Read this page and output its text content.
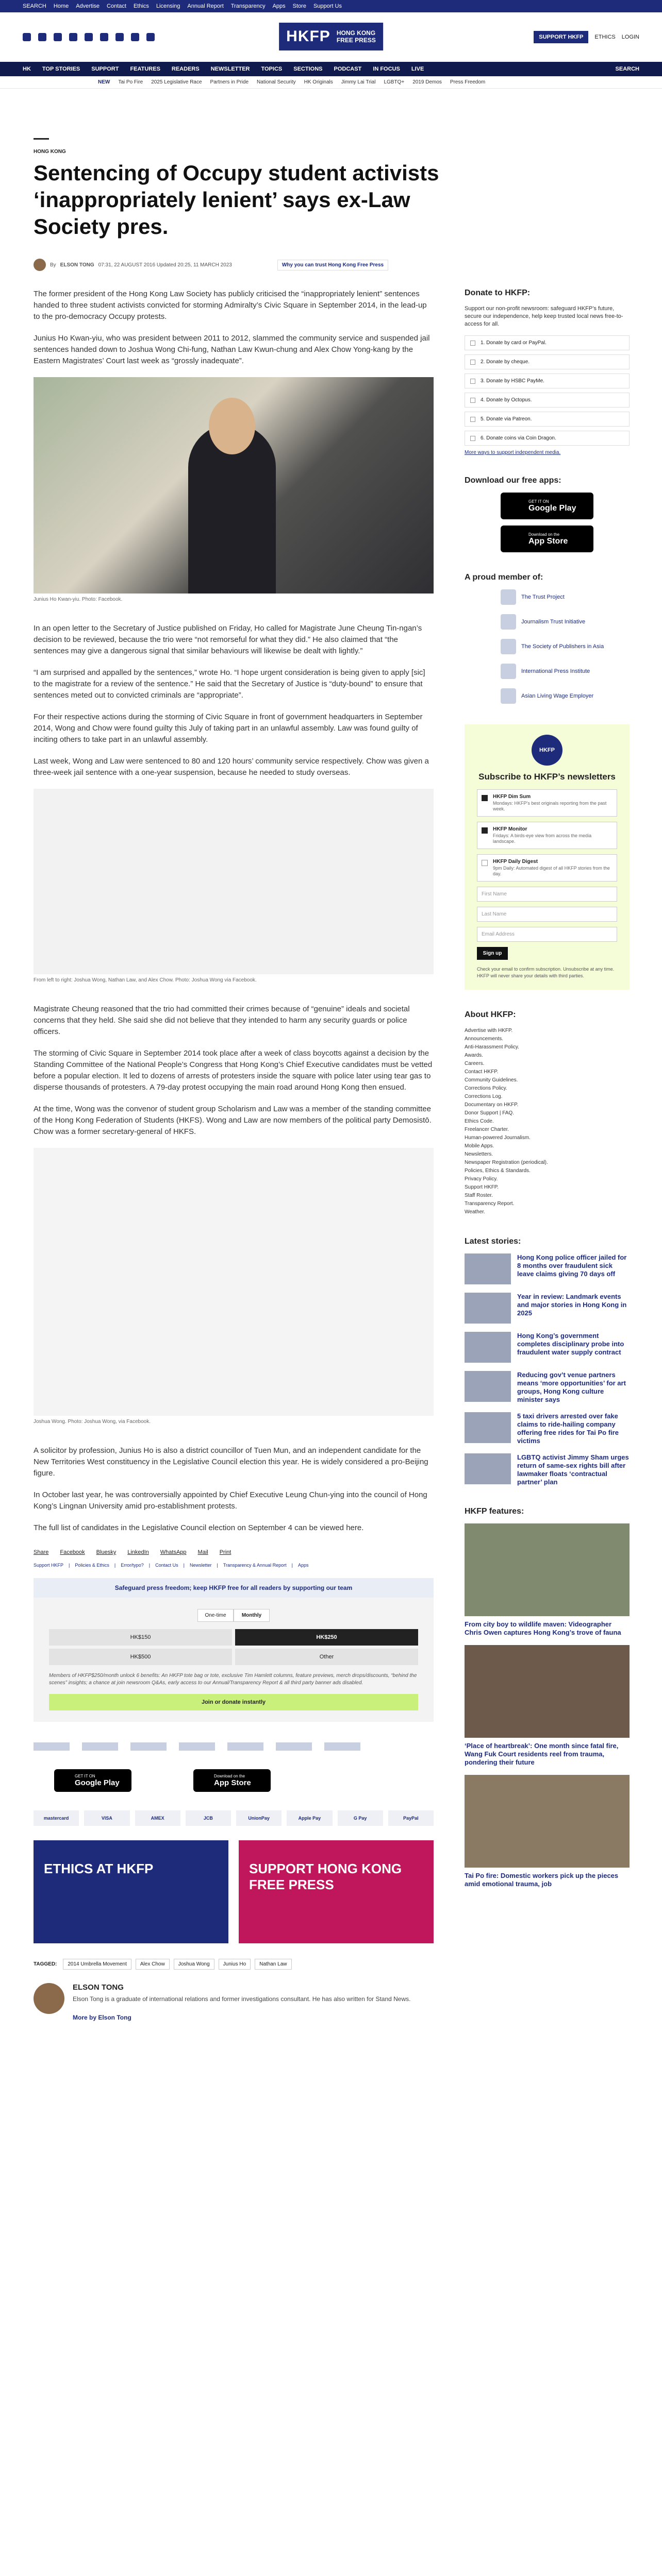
SEARCH Home Advertise Contact Ethics Licensing Annual Report Transparency Apps Store Support Us
HKFP HONG KONG
FREE PRESS	SUPPORT HKFP	ETHICS LOGIN
HK TOP STORIES SUPPORT FEATURES READERS NEWSLETTER TOPICS SECTIONS PODCAST IN FOCUS LIVE	SEARCH
NEW Tai Po Fire 2025 Legislative Race Partners in Pride National Security HK Originals Jimmy Lai Trial LGBTQ+ 2019 Demos Press Freedom
HONG KONG
Sentencing of Occupy student activists ‘inappropriately lenient’ says ex-Law Society pres.
By ELSON TONG 07:31, 22 AUGUST 2016 Updated 20:25, 11 MARCH 2023	Why you can trust Hong Kong Free Press

The former president of the Hong Kong Law Society has publicly criticised the “inappropriately lenient” sentences handed to three student activists convicted for storming Admiralty’s Civic Square in September 2014, in the lead-up to the pro-democracy Occupy protests.

Junius Ho Kwan-yiu, who was president between 2011 to 2012, slammed the community service and suspended jail sentences handed down to Joshua Wong Chi-fung, Nathan Law Kwun-chung and Alex Chow Yong-kang by the Eastern Magistrates’ Court last week as “grossly inadequate”.

Junius Ho Kwan-yiu. Photo: Facebook.

In an open letter to the Secretary of Justice published on Friday, Ho called for Magistrate June Cheung Tin-ngan’s decision to be reviewed, because the trio were “not remorseful for what they did.” He also claimed that “the sentences may give a dangerous signal that similar behaviours will likewise be dealt with lightly.”

“I am surprised and appalled by the sentences,” wrote Ho. “I hope urgent consideration is being given to apply [sic] to the magistrate for a review of the sentence.” He said that the Secretary of Justice is “duty-bound” to ensure that sentences meted out to convicted criminals are “appropriate”.

For their respective actions during the storming of Civic Square in front of government headquarters in September 2014, Wong and Chow were found guilty this July of taking part in an unlawful assembly. Law was found guilty of inciting others to take part in an unlawful assembly.

Last week, Wong and Law were sentenced to 80 and 120 hours’ community service respectively. Chow was given a three-week jail sentence with a one-year suspension, because he needed to study overseas.

From left to right: Joshua Wong, Nathan Law, and Alex Chow. Photo: Joshua Wong via Facebook.

Magistrate Cheung reasoned that the trio had committed their crimes because of “genuine” ideals and societal concerns that they held. She said she did not believe that they intended to harm any security guards or police officers.

The storming of Civic Square in September 2014 took place after a week of class boycotts against a decision by the Standing Committee of the National People’s Congress that Hong Kong’s Chief Executive candidates must be vetted before a popular election. It led to dozens of arrests of protesters inside the square with police later using tear gas to disperse thousands of protesters. A 79-day protest occupying the main road around Hong Kong then ensued.

At the time, Wong was the convenor of student group Scholarism and Law was a member of the standing committee of the Hong Kong Federation of Students (HKFS). Wong and Law are now members of the political party Demosistō. Chow was a former secretary-general of HKFS.

Joshua Wong. Photo: Joshua Wong, via Facebook.

A solicitor by profession, Junius Ho is also a district councillor of Tuen Mun, and an independent candidate for the New Territories West constituency in the Legislative Council election this year. He is widely considered a pro-Beijing figure.

In October last year, he was controversially appointed by Chief Executive Leung Chun-ying into the council of Hong Kong’s Lingnan University amid pro-establishment protests.

The full list of candidates in the Legislative Council election on September 4 can be viewed here.

Share Facebook Bluesky LinkedIn WhatsApp Mail Print
Support HKFP | Policies & Ethics | Error/typo? | Contact Us | Newsletter | Transparency & Annual Report | Apps
Safeguard press freedom; keep HKFP free for all readers by supporting our team
One-time	Monthly
HK$150	HK$250
HK$500	Other
Members of HKFP$250/month unlock 6 benefits: An HKFP tote bag or tote, exclusive Tim Hamlett columns, feature previews, merch drops/discounts, “behind the scenes” insights; a chance at join newsroom Q&As, early access to our Annual/Transparency Report & all third party banner ads disabled.
Join or donate instantly
GET IT ON
Google Play
Download on the
App Store
mastercard	VISA	AMEX	JCB	UnionPay	Apple Pay	G Pay	PayPal
ETHICS AT HKFP	SUPPORT HONG KONG FREE PRESS
TAGGED:	2014 Umbrella Movement	Alex Chow	Joshua Wong	Junius Ho	Nathan Law
ELSON TONG

Elson Tong is a graduate of international relations and former investigations consultant. He has also written for Stand News.

More by Elson Tong

Donate to HKFP:
Support our non-profit newsroom: safeguard HKFP’s future, secure our independence, help keep trusted local news free-to-access for all.
1. Donate by card or PayPal.
2. Donate by cheque.
3. Donate by HSBC PayMe.
4. Donate by Octopus.
5. Donate via Patreon.
6. Donate coins via Coin Dragon.
More ways to support independent media.
Download our free apps:
GET IT ON
Google Play
Download on the
App Store
A proud member of:
The Trust Project
Journalism Trust Initiative
The Society of Publishers in Asia
International Press Institute
Asian Living Wage Employer
HKFP
Subscribe to HKFP’s newsletters
HKFP Dim Sum
Mondays: HKFP’s best originals reporting from the past week.
HKFP Monitor
Fridays: A birds-eye view from across the media landscape.
HKFP Daily Digest
9pm Daily: Automated digest of all HKFP stories from the day.
First Name
Last Name
Email Address
Sign up
Check your email to confirm subscription. Unsubscribe at any time. HKFP will never share your details with third parties.
About HKFP:
Advertise with HKFP.
Announcements.
Anti-Harassment Policy.
Awards.
Careers.
Contact HKFP.
Community Guidelines.
Corrections Policy.
Corrections Log.
Documentary on HKFP.
Donor Support | FAQ.
Ethics Code.
Freelancer Charter.
Human-powered Journalism.
Mobile Apps.
Newsletters.
Newspaper Registration (periodical).
Policies, Ethics & Standards.
Privacy Policy.
Support HKFP.
Staff Roster.
Transparency Report.
Weather.
Latest stories:

Hong Kong police officer jailed for 8 months over fraudulent sick leave claims giving 70 days off

Year in review: Landmark events and major stories in Hong Kong in 2025

Hong Kong’s government completes disciplinary probe into fraudulent water supply contract

Reducing gov’t venue partners means ‘more opportunities’ for art groups, Hong Kong culture minister says

5 taxi drivers arrested over fake claims to ride-hailing company offering free rides for Tai Po fire victims

LGBTQ activist Jimmy Sham urges return of same-sex rights bill after lawmaker floats ‘contractual partner’ plan

HKFP features:

From city boy to wildlife maven: Videographer Chris Owen captures Hong Kong’s trove of fauna

‘Place of heartbreak’: One month since fatal fire, Wang Fuk Court residents reel from trauma, pondering their future

Tai Po fire: Domestic workers pick up the pieces amid emotional trauma, job
